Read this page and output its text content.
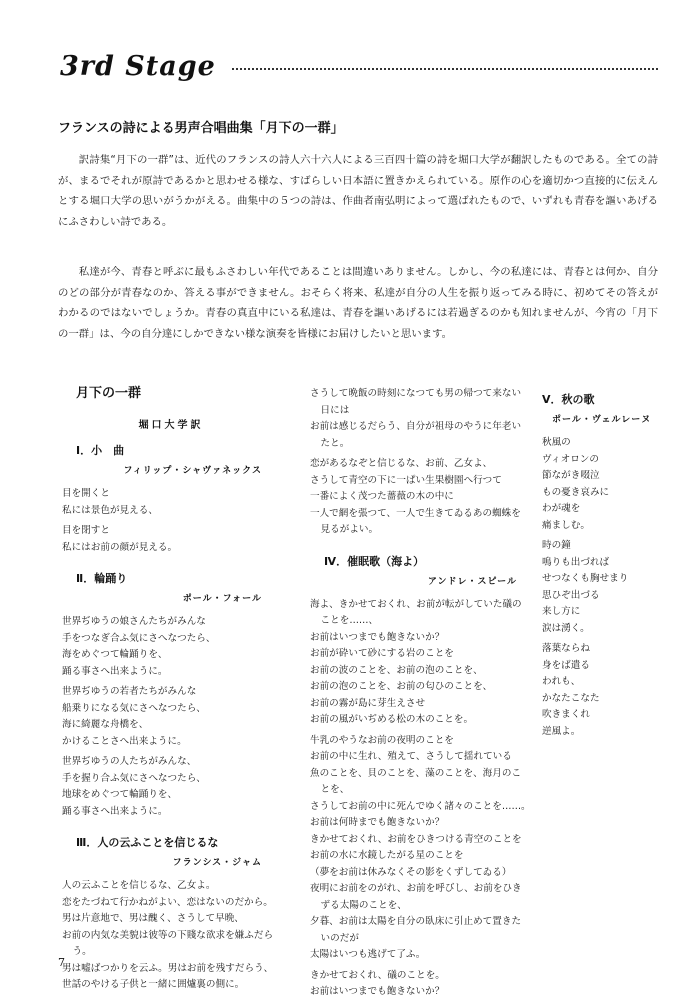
3rd Stage
フランスの詩による男声合唱曲集「月下の一群」
訳詩集“月下の一群”は、近代のフランスの詩人六十六人による三百四十篇の詩を堀口大学が翻訳したものである。全ての詩が、まるでそれが原詩であるかと思わせる様な、すばらしい日本語に置きかえられている。原作の心を適切かつ直接的に伝えんとする堀口大学の思いがうかがえる。曲集中の５つの詩は、作曲者南弘明によって選ばれたもので、いずれも青春を謳いあげるにふさわしい詩である。
私達が今、青春と呼ぶに最もふさわしい年代であることは間違いありません。しかし、今の私達には、青春とは何か、自分のどの部分が青春なのか、答える事ができません。おそらく将来、私達が自分の人生を振り返ってみる時に、初めてその答えがわかるのではないでしょうか。青春の真直中にいる私達は、青春を謳いあげるには若過ぎるのかも知れませんが、今宵の「月下の一群」は、今の自分達にしかできない様な演奏を皆様にお届けしたいと思います。
月下の一群
堀口大学訳
Ⅰ．小　曲
フィリップ・シャヴァネックス
目を開くと
私には景色が見える、
目を閉すと
私にはお前の顔が見える。
Ⅱ．輪踊り
ポール・フォール
世界ぢゆうの娘さんたちがみんな
手をつなぎ合ふ気にさへなつたら、
海をめぐつて輪踊りを、
踊る事さへ出来ように。
世界ぢゆうの若者たちがみんな
船乗りになる気にさへなつたら、
海に綺麗な舟橋を、
かけることさへ出来ように。
世界ぢゆうの人たちがみんな、
手を握り合ふ気にさへなつたら、
地球をめぐつて輪踊りを、
踊る事さへ出来ように。
Ⅲ．人の云ふことを信じるな
フランシス・ジャム
人の云ふことを信じるな、乙女よ。
恋をたづねて行かねがよい、恋はないのだから。
男は片意地で、男は醜く、さうして早晩、
お前の内気な美貌は彼等の下賤な欲求を嫌ふだら
う。
男は嘘ばつかりを云ふ。男はお前を残すだらう、
世話のやける子供と一緒に囲爐裏の側に。
さうして晩飯の時刻になつても男の帰つて来ない
日には
お前は感じるだらう、自分が祖母のやうに年老い
たと。
恋があるなぞと信じるな、お前、乙女よ、
さうして青空の下に一ぱい生果樹園へ行つて
一番によく茂つた薔薇の木の中に
一人で網を張つて、一人で生きてゐるあの蜘蛛を
見るがよい。
Ⅳ．催眠歌（海よ）
アンドレ・スピール
海よ、きかせておくれ、お前が転がしていた礒の
ことを……、
お前はいつまでも飽きないか？
お前が砕いて砂にする岩のことを
お前の波のことを、お前の泡のことを、
お前の泡のことを、お前の匂ひのことを、
お前の霧が島に芽生えさせ
お前の風がいぢめる松の木のことを。
牛乳のやうなお前の夜明のことを
お前の中に生れ、殖えて、さうして揺れている
魚のことを、貝のことを、藻のことを、海月のこ
とを、
さうしてお前の中に死んでゆく諸々のことを……。
お前は何時までも飽きないか？
きかせておくれ、お前をひきつける青空のことを
お前の水に水鏡したがる星のことを
（夢をお前は休みなくその影をくずしてゐる）
夜明にお前をのがれ、お前を呼びし、お前をひき
ずる太陽のことを、
夕暮、お前は太陽を自分の臥床に引止めて置きた
いのだが
太陽はいつも逃げて了ふ。
きかせておくれ、礒のことを。
お前はいつまでも飽きないか？
Ⅴ．秋の歌
ポール・ヴェルレーヌ
秋風の
ヴィオロンの
節ながき啜泣
もの憂き哀みに
わが魂を
痛ましむ。
時の鐘
鳴りも出づれば
せつなくも胸せまり
思ひぞ出づる
来し方に
涙は湧く。
落葉ならね
身をば遣る
われも、
かなたこなた
吹きまくれ
逆風よ。
7
